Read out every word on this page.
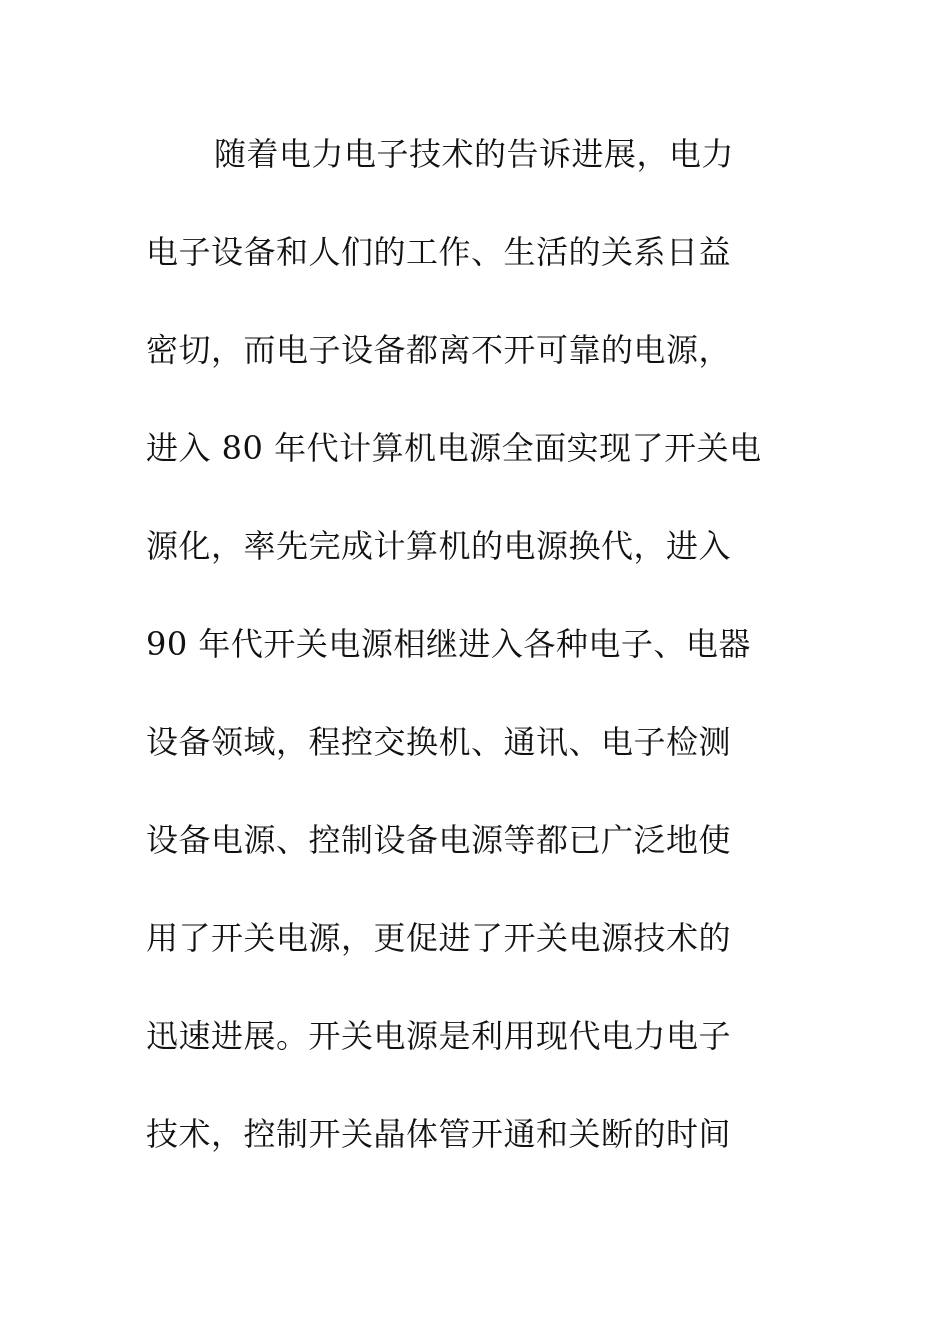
随着电力电子技术的告诉进展，电力
电子设备和人们的工作、生活的关系日益
密切，而电子设备都离不开可靠的电源，
进入 80 年代计算机电源全面实现了开关电
源化，率先完成计算机的电源换代，进入
90 年代开关电源相继进入各种电子、电器
设备领域，程控交换机、通讯、电子检测
设备电源、控制设备电源等都已广泛地使
用了开关电源，更促进了开关电源技术的
迅速进展。开关电源是利用现代电力电子
技术，控制开关晶体管开通和关断的时间
